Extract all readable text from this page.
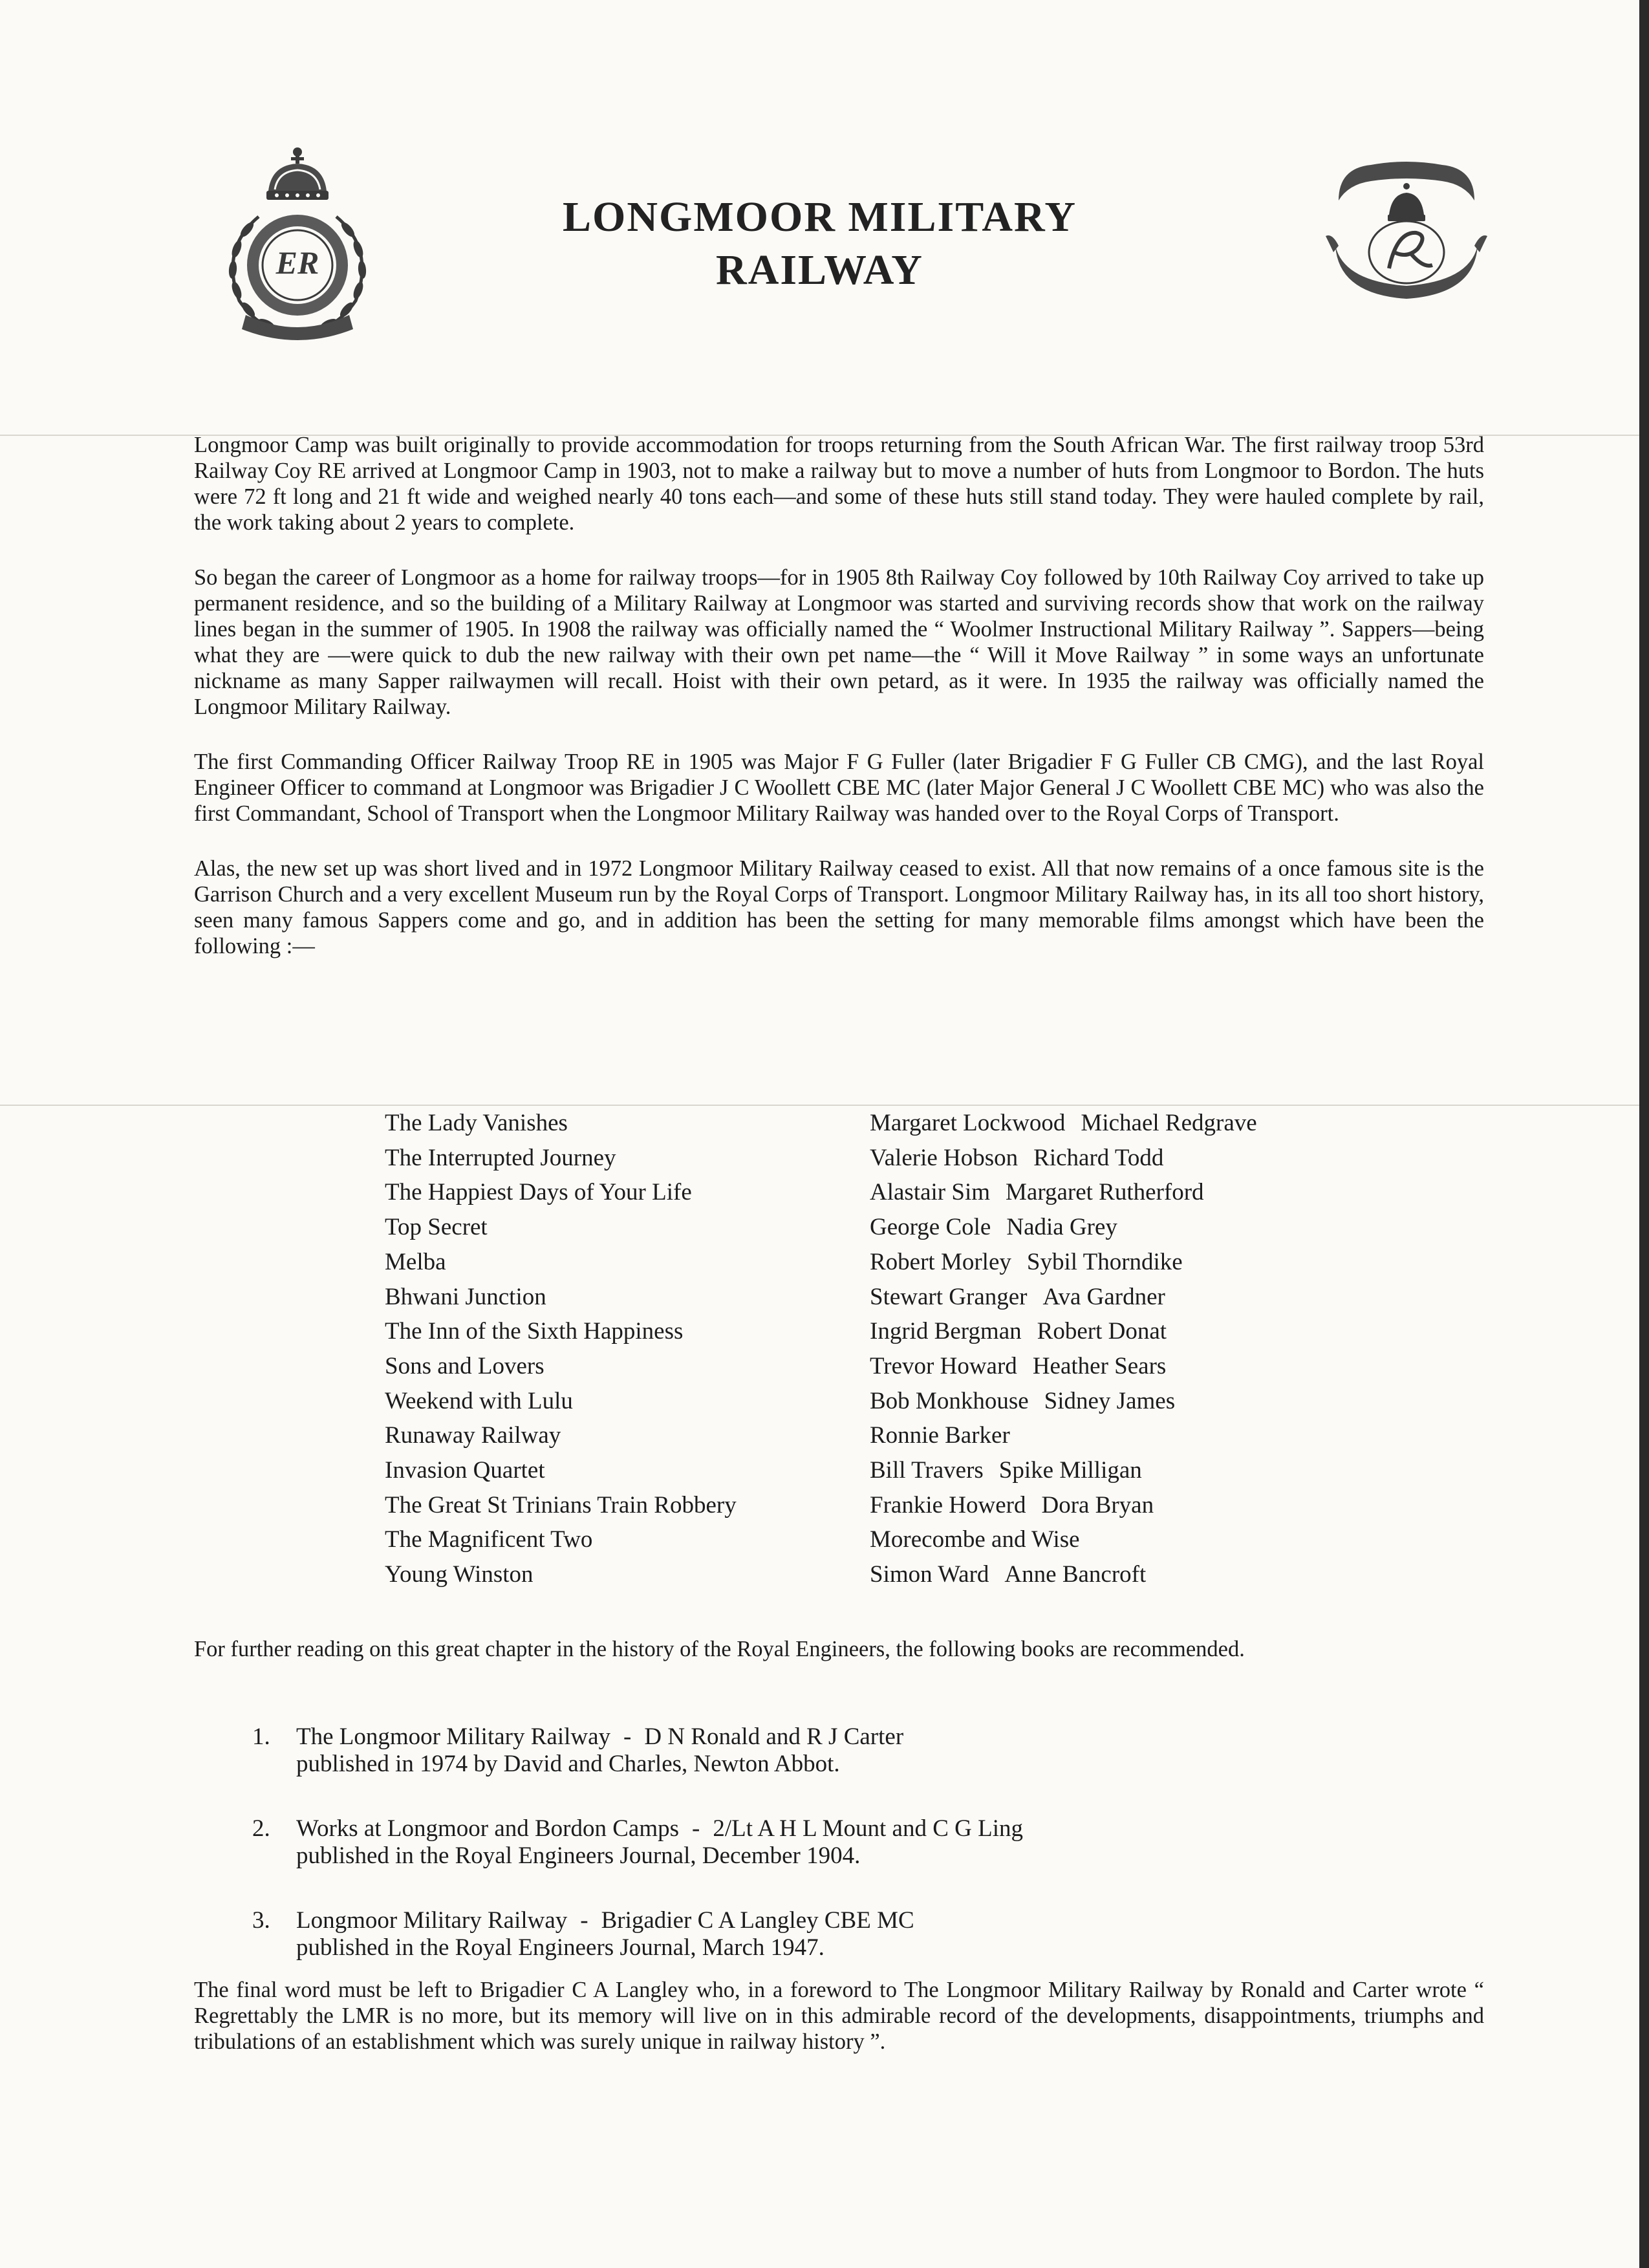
ER
LONGMOOR MILITARY
RAILWAY

Longmoor Camp was built originally to provide accommodation for troops returning from the South African War. The first railway troop 53rd Railway Coy RE arrived at Longmoor Camp in 1903, not to make a railway but to move a number of huts from Longmoor to Bordon. The huts were 72 ft long and 21 ft wide and weighed nearly 40 tons each—and some of these huts still stand today. They were hauled complete by rail, the work taking about 2 years to complete.

So began the career of Longmoor as a home for railway troops—for in 1905 8th Railway Coy followed by 10th Railway Coy arrived to take up permanent residence, and so the building of a Military Railway at Longmoor was started and surviving records show that work on the railway lines began in the summer of 1905. In 1908 the railway was officially named the “ Woolmer Instructional Military Railway ”. Sappers—being what they are —were quick to dub the new railway with their own pet name—the “ Will it Move Railway ” in some ways an unfortunate nickname as many Sapper railwaymen will recall. Hoist with their own petard, as it were. In 1935 the railway was officially named the Longmoor Military Railway.

The first Commanding Officer Railway Troop RE in 1905 was Major F G Fuller (later Brigadier F G Fuller CB CMG), and the last Royal Engineer Officer to command at Longmoor was Brigadier J C Woollett CBE MC (later Major General J C Woollett CBE MC) who was also the first Commandant, School of Transport when the Longmoor Military Railway was handed over to the Royal Corps of Transport.

Alas, the new set up was short lived and in 1972 Longmoor Military Railway ceased to exist. All that now remains of a once famous site is the Garrison Church and a very excellent Museum run by the Royal Corps of Transport. Longmoor Military Railway has, in its all too short history, seen many famous Sappers come and go, and in addition has been the setting for many memorable films amongst which have been the following :—

The Lady Vanishes	Margaret Lockwood Michael Redgrave
The Interrupted Journey	Valerie Hobson Richard Todd
The Happiest Days of Your Life	Alastair Sim Margaret Rutherford
Top Secret	George Cole Nadia Grey
Melba	Robert Morley Sybil Thorndike
Bhwani Junction	Stewart Granger Ava Gardner
The Inn of the Sixth Happiness	Ingrid Bergman Robert Donat
Sons and Lovers	Trevor Howard Heather Sears
Weekend with Lulu	Bob Monkhouse Sidney James
Runaway Railway	Ronnie Barker
Invasion Quartet	Bill Travers Spike Milligan
The Great St Trinians Train Robbery	Frankie Howerd Dora Bryan
The Magnificent Two	Morecombe and Wise
Young Winston	Simon Ward Anne Bancroft
For further reading on this great chapter in the history of the Royal Engineers, the following books are recommended.
1.	The Longmoor Military Railway - D N Ronald and R J Carter
published in 1974 by David and Charles, Newton Abbot.
2.	Works at Longmoor and Bordon Camps - 2/Lt A H L Mount and C G Ling
published in the Royal Engineers Journal, December 1904.
3.	Longmoor Military Railway - Brigadier C A Langley CBE MC
published in the Royal Engineers Journal, March 1947.
The final word must be left to Brigadier C A Langley who, in a foreword to The Longmoor Military Railway by Ronald and Carter wrote “ Regrettably the LMR is no more, but its memory will live on in this admirable record of the developments, disappointments, triumphs and tribulations of an establishment which was surely unique in railway history ”.
